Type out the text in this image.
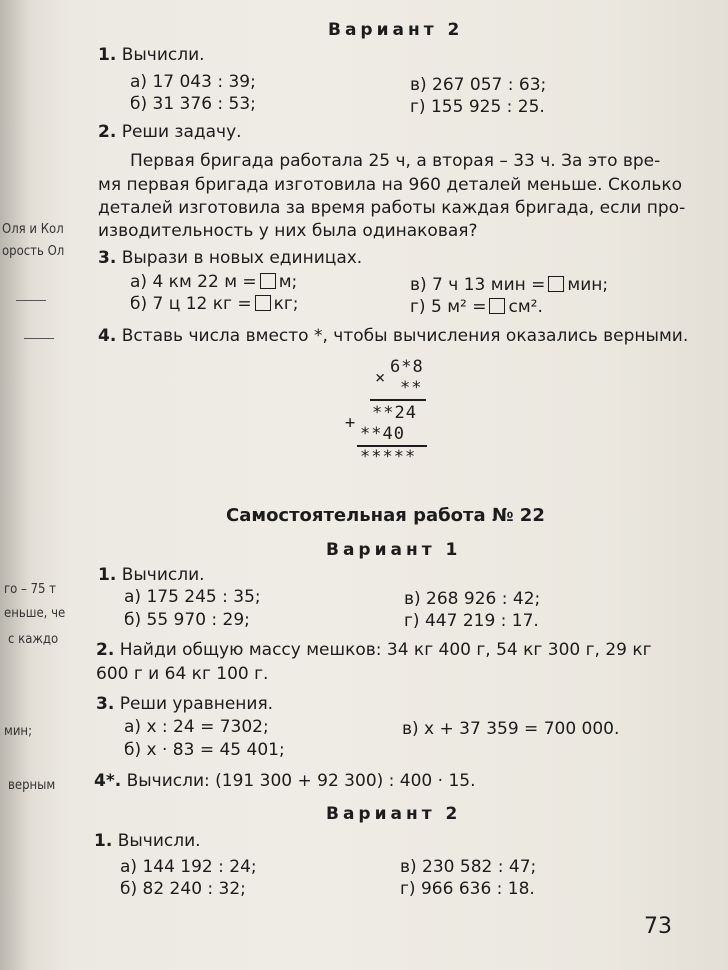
Оля и Кол
орость Ол
го – 75 т
еньше, че
с каждо
мин;
верным
Вариант 2
1. Вычисли.
а) 17 043 : 39;	в) 267 057 : 63;
б) 31 376 : 53;	г) 155 925 : 25.
2. Реши задачу.
Первая бригада работала 25 ч, а вторая – 33 ч. За это вре-
мя первая бригада изготовила на 960 деталей меньше. Сколько
деталей изготовила за время работы каждая бригада, если про-
изводительность у них была одинаковая?
3. Вырази в новых единицах.
а) 4 км 22 м = м;	в) 7 ч 13 мин = мин;
б) 7 ц 12 кг = кг;	г) 5 м² = см².
4. Вставь числа вместо *, чтобы вычисления оказались верными.
6*8
× **
**24
+
**40
*****
Самостоятельная работа № 22
Вариант 1
1. Вычисли.
а) 175 245 : 35;	в) 268 926 : 42;
б) 55 970 : 29;	г) 447 219 : 17.
2. Найди общую массу мешков: 34 кг 400 г, 54 кг 300 г, 29 кг
600 г и 64 кг 100 г.
3. Реши уравнения.
а) x : 24 = 7302;	в) x + 37 359 = 700 000.
б) x · 83 = 45 401;
4*. Вычисли: (191 300 + 92 300) : 400 · 15.
Вариант 2
1. Вычисли.
а) 144 192 : 24;	в) 230 582 : 47;
б) 82 240 : 32;	г) 966 636 : 18.
73
